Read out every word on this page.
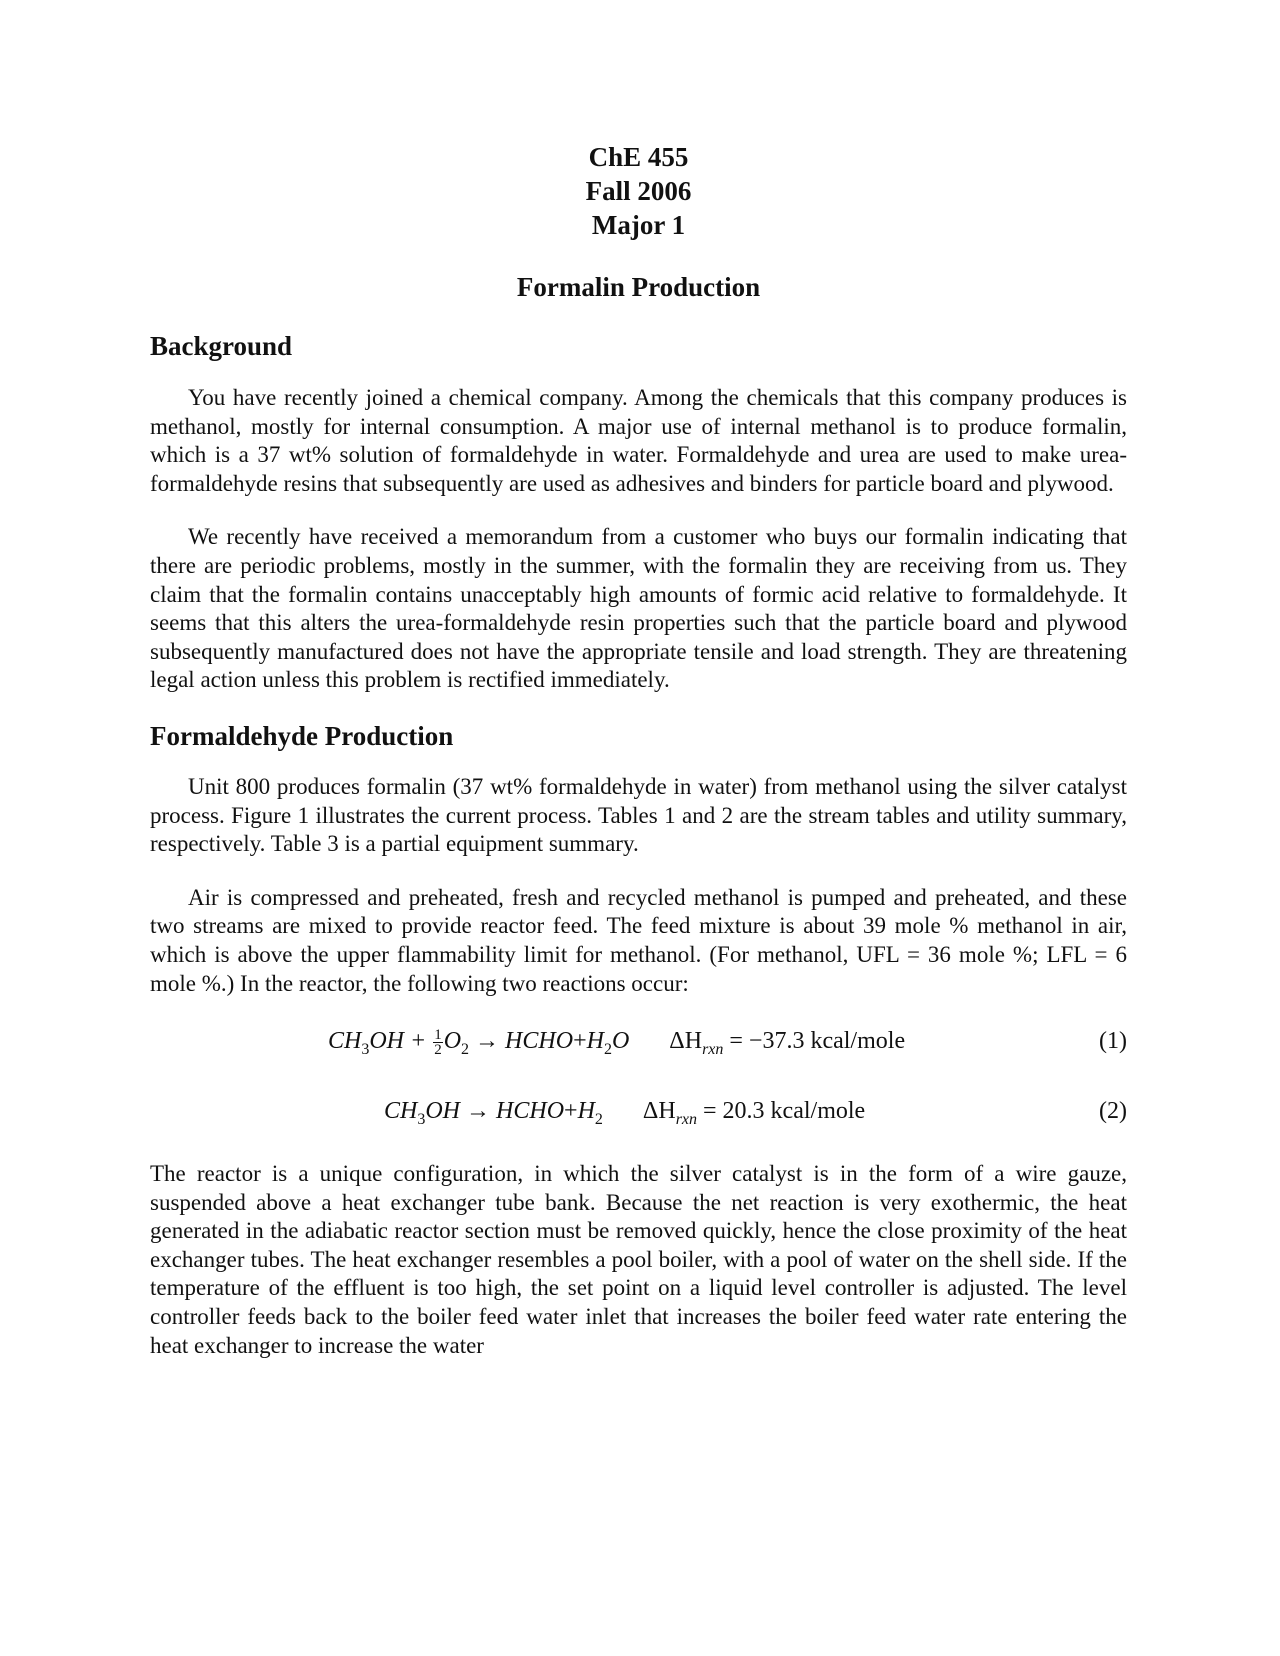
ChE 455
Fall 2006
Major 1
Formalin Production
Background

You have recently joined a chemical company. Among the chemicals that this company produces is methanol, mostly for internal consumption. A major use of internal methanol is to produce formalin, which is a 37 wt% solution of formaldehyde in water. Formaldehyde and urea are used to make urea-formaldehyde resins that subsequently are used as adhesives and binders for particle board and plywood.

We recently have received a memorandum from a customer who buys our formalin indicating that there are periodic problems, mostly in the summer, with the formalin they are receiving from us. They claim that the formalin contains unacceptably high amounts of formic acid relative to formaldehyde. It seems that this alters the urea-formaldehyde resin properties such that the particle board and plywood subsequently manufactured does not have the appropriate tensile and load strength. They are threatening legal action unless this problem is rectified immediately.

Formaldehyde Production

Unit 800 produces formalin (37 wt% formaldehyde in water) from methanol using the silver catalyst process. Figure 1 illustrates the current process. Tables 1 and 2 are the stream tables and utility summary, respectively. Table 3 is a partial equipment summary.

Air is compressed and preheated, fresh and recycled methanol is pumped and preheated, and these two streams are mixed to provide reactor feed. The feed mixture is about 39 mole % methanol in air, which is above the upper flammability limit for methanol. (For methanol, UFL = 36 mole %; LFL = 6 mole %.) In the reactor, the following two reactions occur:

$CH_3OH + \frac{1}{2} O_2$ → $HCHO+H_2O$ $\Delta H_{rxn} = -37.3$ kcal/mole	(1)
$CH_3OH$ → $HCHO+H_2$ $\Delta H_{rxn} = 20.3$ kcal/mole	(2)

The reactor is a unique configuration, in which the silver catalyst is in the form of a wire gauze, suspended above a heat exchanger tube bank. Because the net reaction is very exothermic, the heat generated in the adiabatic reactor section must be removed quickly, hence the close proximity of the heat exchanger tubes. The heat exchanger resembles a pool boiler, with a pool of water on the shell side. If the temperature of the effluent is too high, the set point on a liquid level controller is adjusted. The level controller feeds back to the boiler feed water inlet that increases the boiler feed water rate entering the heat exchanger to increase the water
